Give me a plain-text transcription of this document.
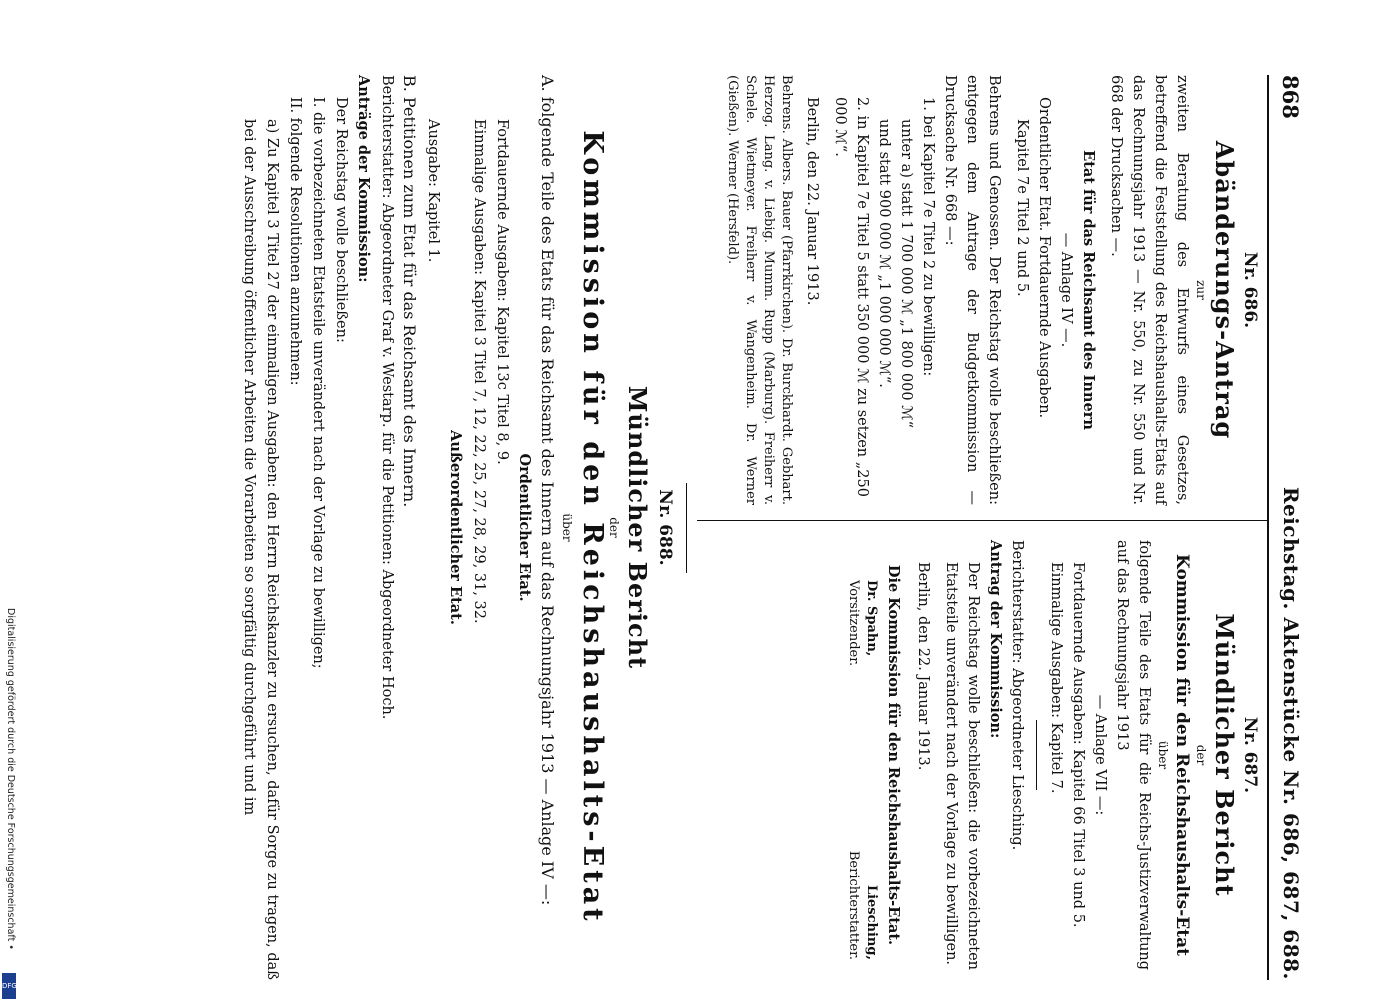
868
Reichstag. Aktenstücke Nr. 686, 687, 688.

Nr. 686.

Abänderungs-Antrag

zur

zweiten Beratung des Entwurfs eines Gesetzes, betreffend die Feststellung des Reichshaushalts-Etats auf das Rechnungsjahr 1913 — Nr. 550, zu Nr. 550 und Nr. 668 der Drucksachen —.

Etat für das Reichsamt des Innern

— Anlage IV —.

Ordentlicher Etat. Fortdauernde Ausgaben.

Kapitel 7e Titel 2 und 5.

Behrens und Genossen. Der Reichstag wolle beschließen: entgegen dem Antrage der Budgetkommission — Drucksache Nr. 668 —:

1. bei Kapitel 7e Titel 2 zu bewilligen:

unter a) statt 1 700 000 ℳ „1 800 000 ℳ“

und statt 900 000 ℳ „1 000 000 ℳ“.

2. in Kapitel 7e Titel 5 statt 350 000 ℳ zu setzen „250 000 ℳ“.

Berlin, den 22. Januar 1913.

Behrens. Albers. Bauer (Pfarrkirchen). Dr. Burckhardt. Gebhart. Herzog. Lang. v. Liebig. Mumm. Rupp (Marburg). Freiherr v. Schele. Wietmeyer. Freiherr v. Wangenheim. Dr. Werner (Gießen). Werner (Hersfeld).

Nr. 687.

Mündlicher Bericht

der

Kommission für den Reichshaushalts-Etat

über

folgende Teile des Etats für die Reichs-Justizverwaltung auf das Rechnungsjahr 1913

— Anlage VII —:

Fortdauernde Ausgaben: Kapitel 66 Titel 3 und 5.

Einmalige Ausgaben: Kapitel 7.

Berichterstatter: Abgeordneter Liesching.

Antrag der Kommission:

Der Reichstag wolle beschließen: die vorbezeichneten Etatsteile unverändert nach der Vorlage zu bewilligen.

Berlin, den 22. Januar 1913.

Die Kommission für den Reichshaushalts-Etat.

Dr. Spahn,
Vorsitzender.
Liesching,
Berichterstatter.

Nr. 688.

Mündlicher Bericht

der

Kommission für den Reichshaushalts-Etat

über

A. folgende Teile des Etats für das Reichsamt des Innern auf das Rechnungsjahr 1913 — Anlage IV —:

Ordentlicher Etat.

Fortdauernde Ausgaben: Kapitel 13c Titel 8, 9.

Einmalige Ausgaben: Kapitel 3 Titel 7, 12, 22, 25, 27, 28, 29, 31, 32.

Außerordentlicher Etat.

Ausgabe: Kapitel 1.

B. Petitionen zum Etat für das Reichsamt des Innern.

Berichterstatter: Abgeordneter Graf v. Westarp. für die Petitionen: Abgeordneter Hoch.

Anträge der Kommission:

Der Reichstag wolle beschließen:

I. die vorbezeichneten Etatsteile unverändert nach der Vorlage zu bewilligen;

II. folgende Resolutionen anzunehmen:

a) Zu Kapitel 3 Titel 27 der einmaligen Ausgaben: den Herrn Reichskanzler zu ersuchen, dafür Sorge zu tragen, daß bei der Ausschreibung öffentlicher Arbeiten die Vorarbeiten so sorgfältig durchgeführt und im

Digitalisierung gefördert durch die Deutsche Forschungsgemeinschaft •
DFG
